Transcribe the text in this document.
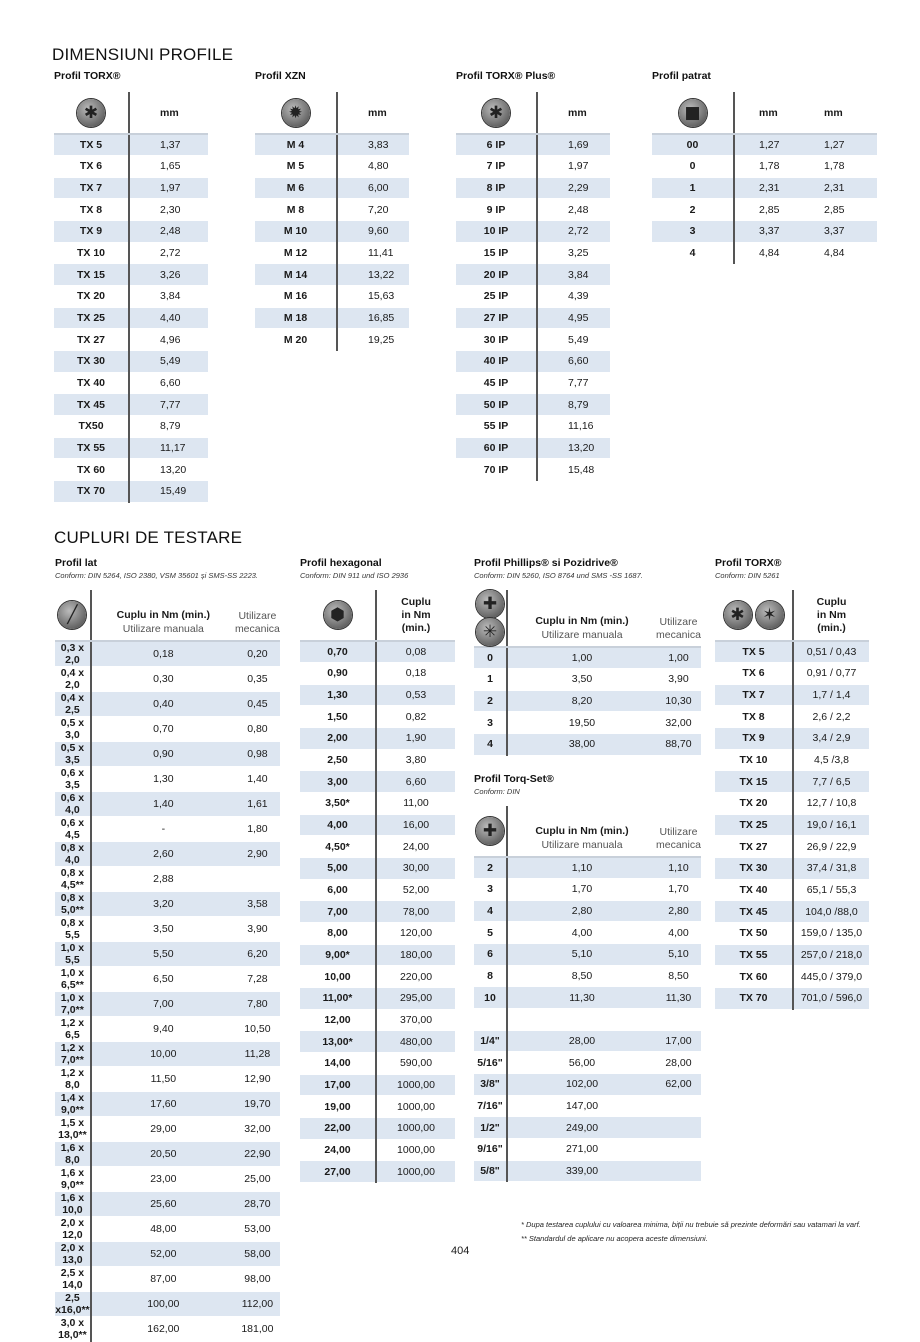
DIMENSIUNI PROFILE
CUPLURI DE TESTARE
Profil TORX®
✱	mm
TX 5	1,37
TX 6	1,65
TX 7	1,97
TX 8	2,30
TX 9	2,48
TX 10	2,72
TX 15	3,26
TX 20	3,84
TX 25	4,40
TX 27	4,96
TX 30	5,49
TX 40	6,60
TX 45	7,77
TX50	8,79
TX 55	11,17
TX 60	13,20
TX 70	15,49
Profil XZN
✹	mm
M 4	3,83
M 5	4,80
M 6	6,00
M 8	7,20
M 10	9,60
M 12	11,41
M 14	13,22
M 16	15,63
M 18	16,85
M 20	19,25
Profil TORX® Plus®
✱	mm
6 IP	1,69
7 IP	1,97
8 IP	2,29
9 IP	2,48
10 IP	2,72
15 IP	3,25
20 IP	3,84
25 IP	4,39
27 IP	4,95
30 IP	5,49
40 IP	6,60
45 IP	7,77
50 IP	8,79
55 IP	11,16
60 IP	13,20
70 IP	15,48
Profil patrat
■	mm	mm
00	1,27	1,27
0	1,78	1,78
1	2,31	2,31
2	2,85	2,85
3	3,37	3,37
4	4,84	4,84
Profil lat
Conform: DIN 5264, ISO 2380, VSM 35601 și SMS-SS 2223.
╱	Cuplu in Nm (min.)
Utilizare manuala	Utilizare mecanica

0,3 x 2,0	0,18	0,20
0,4 x 2,0	0,30	0,35
0,4 x 2,5	0,40	0,45
0,5 x 3,0	0,70	0,80
0,5 x 3,5	0,90	0,98
0,6 x 3,5	1,30	1,40
0,6 x 4,0	1,40	1,61
0,6 x 4,5	-	1,80
0,8 x 4,0	2,60	2,90
0,8 x 4,5**	2,88	
0,8 x 5,0**	3,20	3,58
0,8 x 5,5	3,50	3,90
1,0 x 5,5	5,50	6,20
1,0 x 6,5**	6,50	7,28
1,0 x 7,0**	7,00	7,80
1,2 x 6,5	9,40	10,50
1,2 x 7,0**	10,00	11,28
1,2 x 8,0	11,50	12,90
1,4 x 9,0**	17,60	19,70
1,5 x 13,0**	29,00	32,00
1,6 x 8,0	20,50	22,90
1,6 x 9,0**	23,00	25,00
1,6 x 10,0	25,60	28,70
2,0 x 12,0	48,00	53,00
2,0 x 13,0	52,00	58,00
2,5 x 14,0	87,00	98,00
2,5 x16,0**	100,00	112,00
3,0 x 18,0**	162,00	181,00
Profil hexagonal
Conform: DIN 911 und ISO 2936
⬢	Cuplu
in Nm
(min.)
0,70	0,08
0,90	0,18
1,30	0,53
1,50	0,82
2,00	1,90
2,50	3,80
3,00	6,60
3,50*	11,00
4,00	16,00
4,50*	24,00
5,00	30,00
6,00	52,00
7,00	78,00
8,00	120,00
9,00*	180,00
10,00	220,00
11,00*	295,00
12,00	370,00
13,00*	480,00
14,00	590,00
17,00	1000,00
19,00	1000,00
22,00	1000,00
24,00	1000,00
27,00	1000,00
Profil Phillips® si Pozidrive®
Conform: DIN 5260, ISO 8764 und SMS -SS 1687.
✚
✳	Cuplu in Nm (min.)
Utilizare manuala	Utilizare mecanica

0	1,00	1,00
1	3,50	3,90
2	8,20	10,30
3	19,50	32,00
4	38,00	88,70
Profil Torq-Set®
Conform: DIN
✚	Cuplu in Nm (min.)
Utilizare manuala	Utilizare mecanica

2	1,10	1,10
3	1,70	1,70
4	2,80	2,80
5	4,00	4,00
6	5,10	5,10
8	8,50	8,50
10	11,30	11,30

1/4"	28,00	17,00
5/16"	56,00	28,00
3/8"	102,00	62,00
7/16"	147,00	
1/2"	249,00	
9/16"	271,00	
5/8"	339,00	
Profil TORX®
Conform: DIN 5261
✱ ✶	Cuplu
in Nm
(min.)
TX 5	0,51 / 0,43
TX 6	0,91 / 0,77
TX 7	1,7 / 1,4
TX 8	2,6 / 2,2
TX 9	3,4 / 2,9
TX 10	4,5 /3,8
TX 15	7,7 / 6,5
TX 20	12,7 / 10,8
TX 25	19,0 / 16,1
TX 27	26,9 / 22,9
TX 30	37,4 / 31,8
TX 40	65,1 / 55,3
TX 45	104,0 /88,0
TX 50	159,0 / 135,0
TX 55	257,0 / 218,0
TX 60	445,0 / 379,0
TX 70	701,0 / 596,0
* Dupa testarea cuplului cu valoarea minima, biții nu trebuie să prezinte deformări sau vatamari la varf.
** Standardul de aplicare nu acopera aceste dimensiuni.
404
